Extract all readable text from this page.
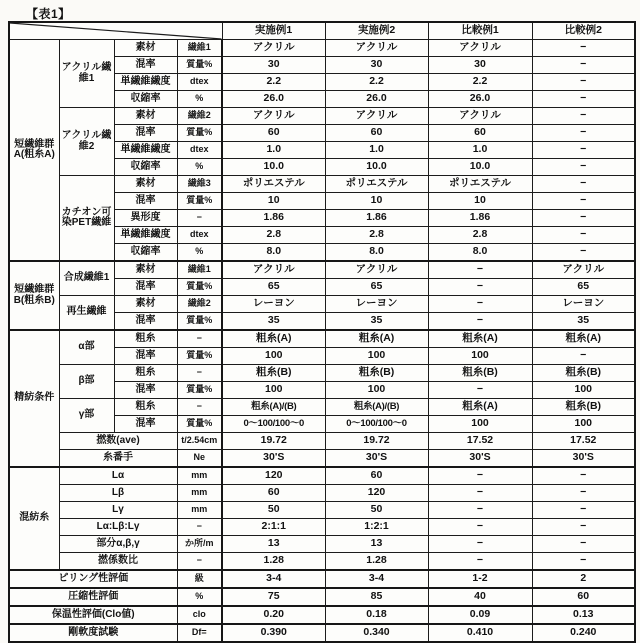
【表1】
	実施例1	実施例2	比較例1	比較例2
短繊維群A(粗糸A)	アクリル繊維1	素材	繊維1	アクリル	アクリル	アクリル	−
		混率	質量%	30	30	30	−
		単繊維繊度	dtex	2.2	2.2	2.2	−
		収縮率	%	26.0	26.0	26.0	−
	アクリル繊維2	素材	繊維2	アクリル	アクリル	アクリル	−
		混率	質量%	60	60	60	−
		単繊維繊度	dtex	1.0	1.0	1.0	−
		収縮率	%	10.0	10.0	10.0	−
	カチオン可染PET繊維	素材	繊維3	ポリエステル	ポリエステル	ポリエステル	−
		混率	質量%	10	10	10	−
		異形度	−	1.86	1.86	1.86	−
		単繊維繊度	dtex	2.8	2.8	2.8	−
		収縮率	%	8.0	8.0	8.0	−
短繊維群B(粗糸B)	合成繊維1	素材	繊維1	アクリル	アクリル	−	アクリル
		混率	質量%	65	65	−	65
	再生繊維	素材	繊維2	レーヨン	レーヨン	−	レーヨン
		混率	質量%	35	35	−	35
精紡条件	α部	粗糸	−	粗糸(A)	粗糸(A)	粗糸(A)	粗糸(A)
		混率	質量%	100	100	100	−
	β部	粗糸	−	粗糸(B)	粗糸(B)	粗糸(B)	粗糸(B)
		混率	質量%	100	100	−	100
	γ部	粗糸	−	粗糸(A)/(B)	粗糸(A)/(B)	粗糸(A)	粗糸(B)
		混率	質量%	0～100/100～0	0～100/100～0	100	100
	撚数(ave)		t/2.54cm	19.72	19.72	17.52	17.52
	糸番手		Ne	30'S	30'S	30'S	30'S
混紡糸	Lα		mm	120	60	−	−
	Lβ		mm	60	120	−	−
	Lγ		mm	50	50	−	−
	Lα:Lβ:Lγ		−	2:1:1	1:2:1	−	−
	部分α,β,γ		か所/m	13	13	−	−
	撚係数比		−	1.28	1.28	−	−
ピリング性評価			級	3-4	3-4	1-2	2
圧縮性評価			%	75	85	40	60
保温性評価(Clo値)			clo	0.20	0.18	0.09	0.13
剛軟度試験			Df=	0.390	0.340	0.410	0.240
